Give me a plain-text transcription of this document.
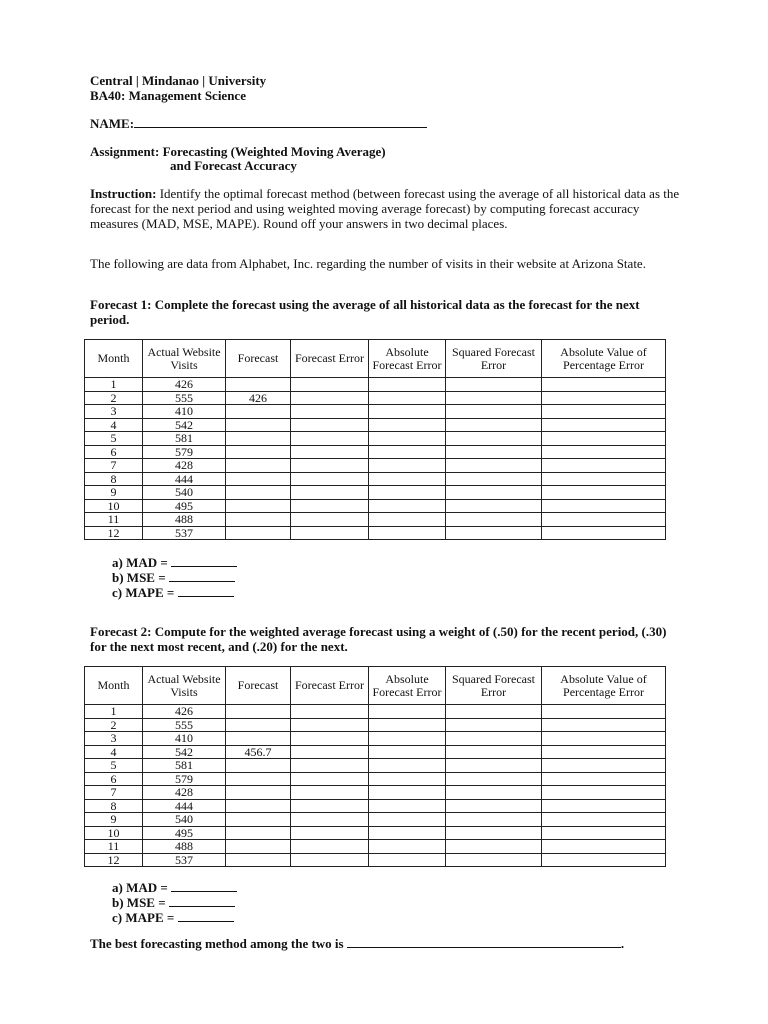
Central | Mindanao | University
BA40: Management Science
NAME:
Assignment: Forecasting (Weighted Moving Average)
and Forecast Accuracy
Instruction: Identify the optimal forecast method (between forecast using the average of all historical data as the forecast for the next period and using weighted moving average forecast) by computing forecast accuracy measures (MAD, MSE, MAPE). Round off your answers in two decimal places.
The following are data from Alphabet, Inc. regarding the number of visits in their website at Arizona State.
Forecast 1: Complete the forecast using the average of all historical data as the forecast for the next period.
Month	Actual Website Visits	Forecast	Forecast Error	Absolute Forecast Error	Squared Forecast Error	Absolute Value of Percentage Error
1	426					
2	555	426				
3	410					
4	542					
5	581					
6	579					
7	428					
8	444					
9	540					
10	495					
11	488					
12	537					
a) MAD =
b) MSE =
c) MAPE =
Forecast 2: Compute for the weighted average forecast using a weight of (.50) for the recent period, (.30) for the next most recent, and (.20) for the next.
Month	Actual Website Visits	Forecast	Forecast Error	Absolute Forecast Error	Squared Forecast Error	Absolute Value of Percentage Error
1	426					
2	555					
3	410					
4	542	456.7				
5	581					
6	579					
7	428					
8	444					
9	540					
10	495					
11	488					
12	537					
a) MAD =
b) MSE =
c) MAPE =
The best forecasting method among the two is	.
